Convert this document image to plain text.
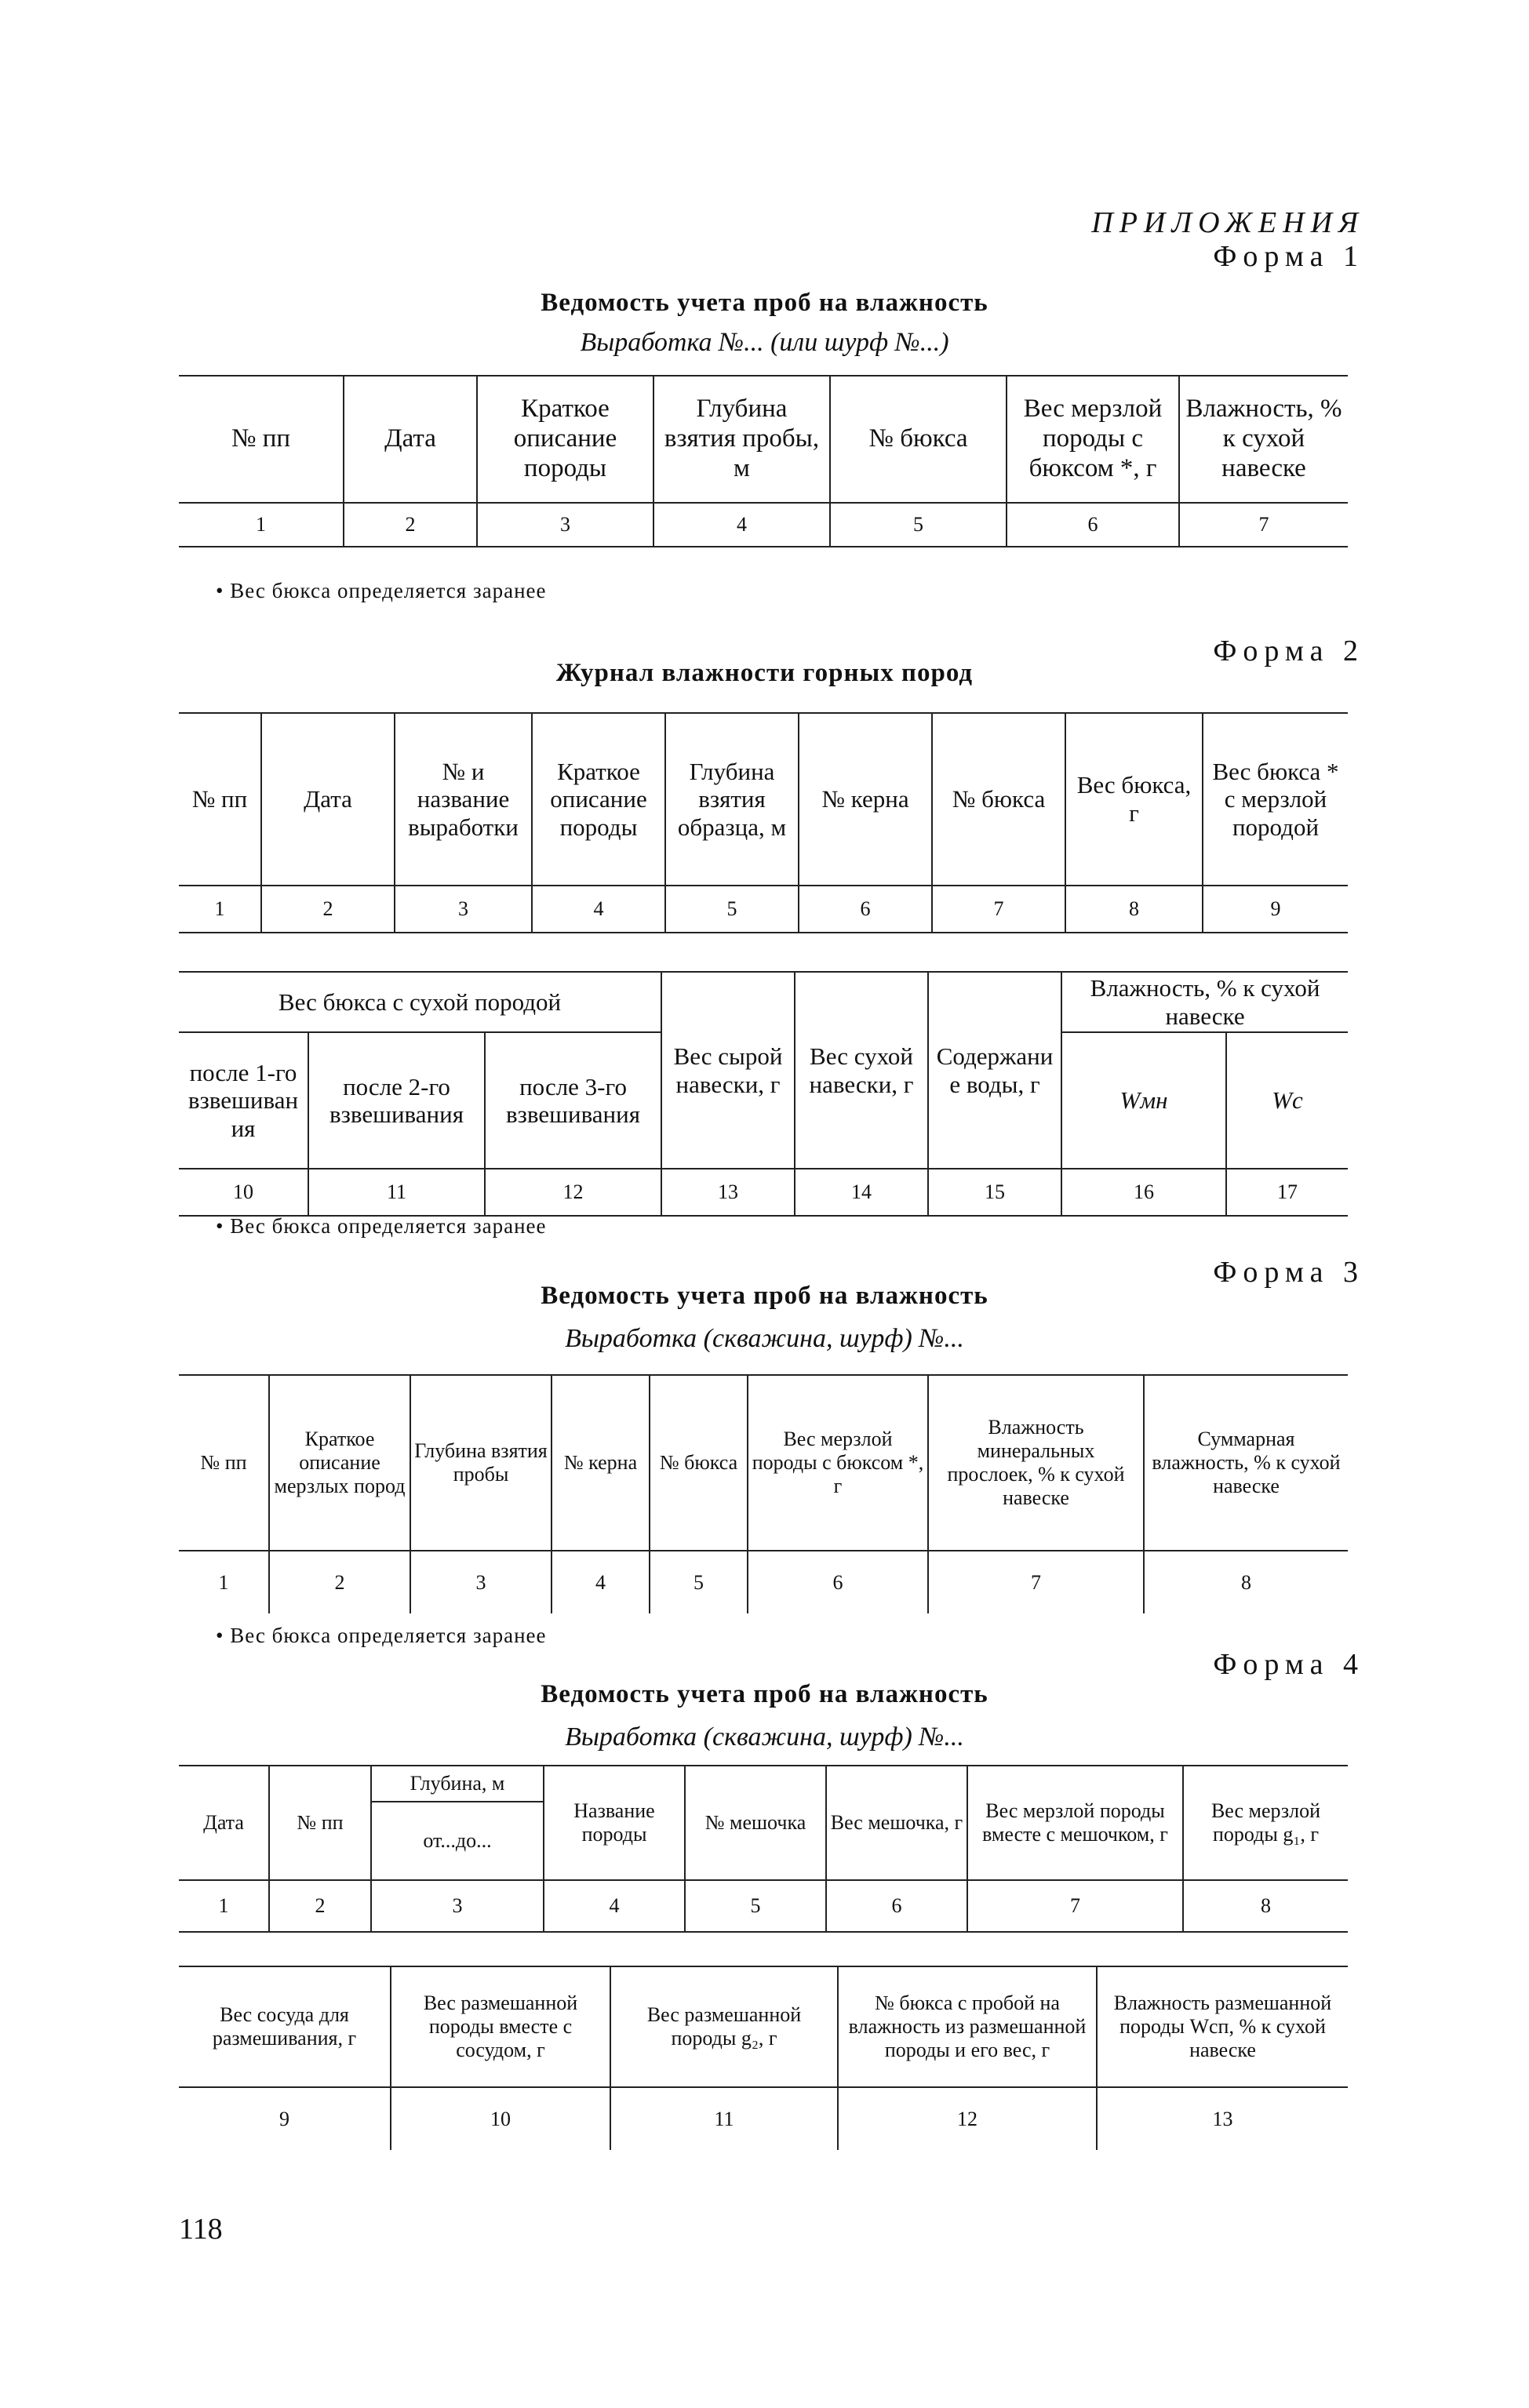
ПРИЛОЖЕНИЯ
Форма 1
Ведомость учета проб на влажность
Выработка №... (или шурф №...)
№ пп	Дата	Краткое описание породы	Глубина взятия пробы, м	№ бюкса	Вес мерзлой породы с бюксом *, г	Влажность, % к сухой навеске
1	2	3	4	5	6	7
• Вес бюкса определяется заранее
Форма 2
Журнал влажности горных пород
№ пп	Дата	№ и название выработки	Краткое описание породы	Глубина взятия образца, м	№ керна	№ бюкса	Вес бюкса, г	Вес бюкса * с мерзлой породой
1	2	3	4	5	6	7	8	9
Вес бюкса с сухой породой			Вес сырой навески, г	Вес сухой навески, г	Содержание воды, г	Влажность, % к сухой навеске	
после 1-го взвешивания	после 2-го взвешивания	после 3-го взвешивания				Wмн	Wс
10	11	12	13	14	15	16	17
• Вес бюкса определяется заранее
Форма 3
Ведомость учета проб на влажность
Выработка (скважина, шурф) №...
№ пп	Краткое описание мерзлых пород	Глубина взятия пробы	№ керна	№ бюкса	Вес мерзлой породы с бюксом *, г	Влажность минеральных прослоек, % к сухой навеске	Суммарная влажность, % к сухой навеске
1	2	3	4	5	6	7	8
• Вес бюкса определяется заранее
Форма 4
Ведомость учета проб на влажность
Выработка (скважина, шурф) №...
Дата	№ пп	Глубина, м	Название породы	№ мешочка	Вес мешочка, г	Вес мерзлой породы вместе с мешочком, г	Вес мерзлой породы g₁, г
		от...до...					
1	2	3	4	5	6	7	8
Вес сосуда для размешивания, г	Вес размешанной породы вместе с сосудом, г	Вес размешанной породы g₂, г	№ бюкса с пробой на влажность из размешанной породы и его вес, г	Влажность размешанной породы Wсп, % к сухой навеске
9	10	11	12	13
118
